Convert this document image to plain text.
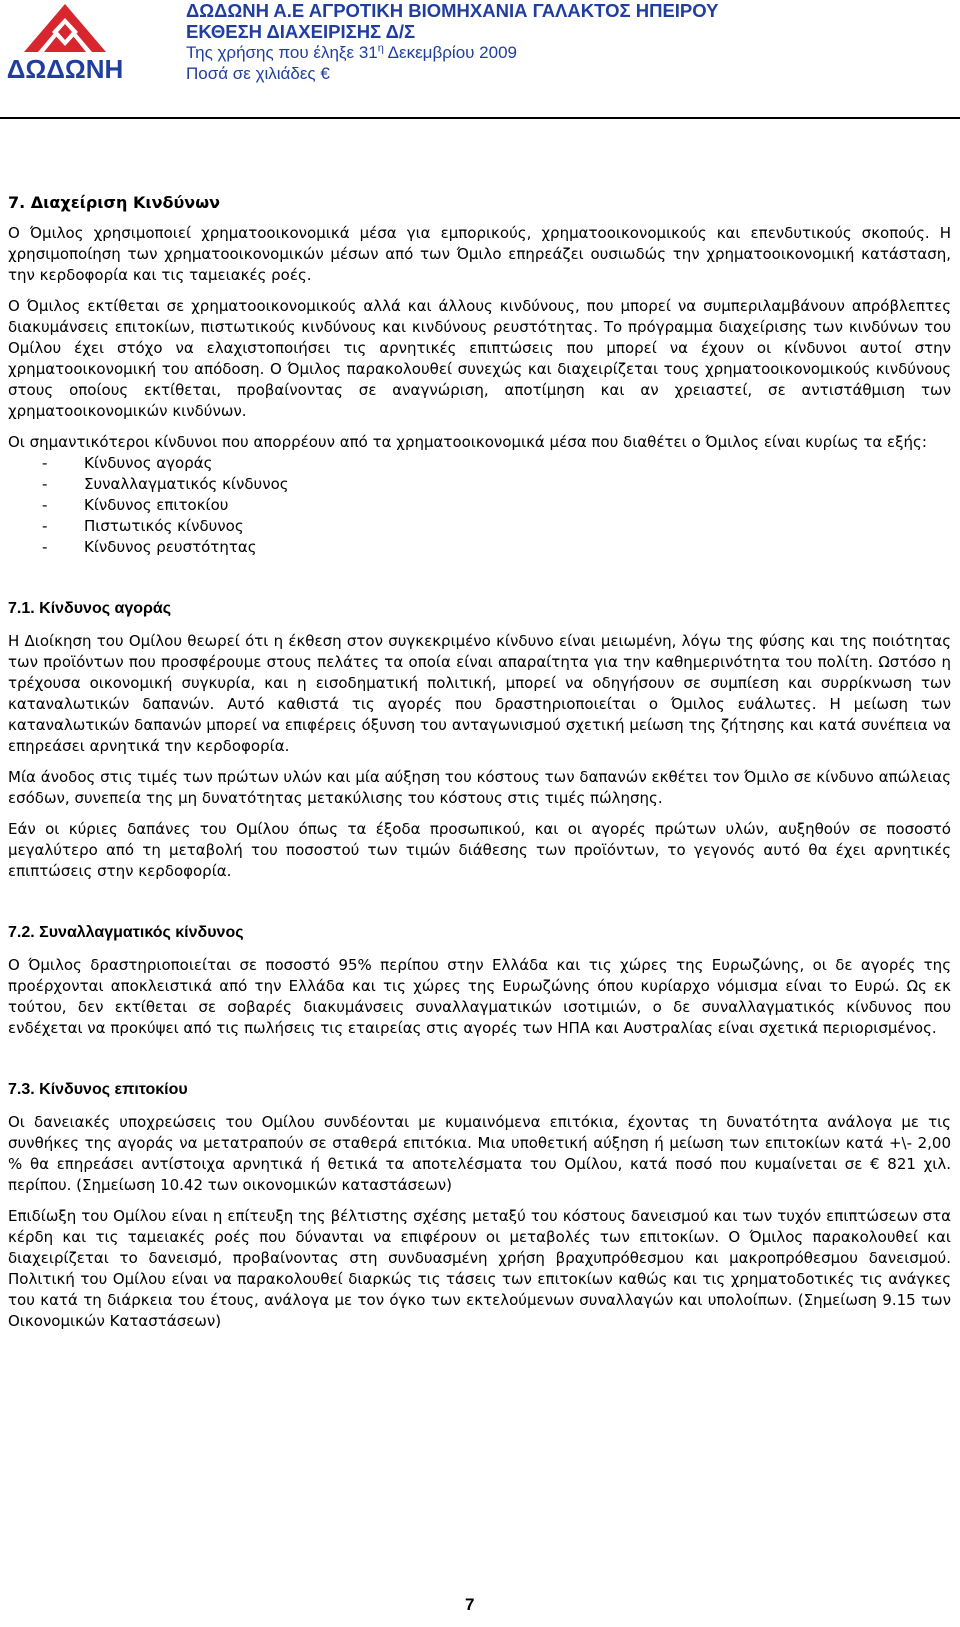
ΔΩΔΩΝΗ
ΔΩΔΩΝΗ Α.Ε ΑΓΡΟΤΙΚΗ ΒΙΟΜΗΧΑΝΙΑ ΓΑΛΑΚΤΟΣ ΗΠΕΙΡΟΥ
ΕΚΘΕΣΗ ΔΙΑΧΕΙΡΙΣΗΣ Δ/Σ
Της χρήσης που έληξε $31^\eta$ Δεκεμβρίου 2009
Ποσά σε χιλιάδες €
7. Διαχείριση Κινδύνων

Ο Όμιλος χρησιμοποιεί χρηματοοικονομικά μέσα για εμπορικούς, χρηματοοικονομικούς και επενδυτικούς σκοπούς. Η χρησιμοποίηση των χρηματοοικονομικών μέσων από των Όμιλο επηρεάζει ουσιωδώς την χρηματοοικονομική κατάσταση, την κερδοφορία και τις ταμειακές ροές.

Ο Όμιλος εκτίθεται σε χρηματοοικονομικούς αλλά και άλλους κινδύνους, που μπορεί να συμπεριλαμβάνουν απρόβλεπτες διακυμάνσεις επιτοκίων, πιστωτικούς κινδύνους και κινδύνους ρευστότητας. Το πρόγραμμα διαχείρισης των κινδύνων του Ομίλου έχει στόχο να ελαχιστοποιήσει τις αρνητικές επιπτώσεις που μπορεί να έχουν οι κίνδυνοι αυτοί στην χρηματοοικονομική του απόδοση. Ο Όμιλος παρακολουθεί συνεχώς και διαχειρίζεται τους χρηματοοικονομικούς κινδύνους στους οποίους εκτίθεται, προβαίνοντας σε αναγνώριση, αποτίμηση και αν χρειαστεί, σε αντιστάθμιση των χρηματοοικονομικών κινδύνων.

Οι σημαντικότεροι κίνδυνοι που απορρέουν από τα χρηματοοικονομικά μέσα που διαθέτει ο Όμιλος είναι κυρίως τα εξής:

- Κίνδυνος αγοράς
- Συναλλαγματικός κίνδυνος
- Κίνδυνος επιτοκίου
- Πιστωτικός κίνδυνος
- Κίνδυνος ρευστότητας
7.1. Κίνδυνος αγοράς

Η Διοίκηση του Ομίλου θεωρεί ότι η έκθεση στον συγκεκριμένο κίνδυνο είναι μειωμένη, λόγω της φύσης και της ποιότητας των προϊόντων που προσφέρουμε στους πελάτες τα οποία είναι απαραίτητα για την καθημερινότητα του πολίτη. Ωστόσο η τρέχουσα οικονομική συγκυρία, και η εισοδηματική πολιτική, μπορεί να οδηγήσουν σε συμπίεση και συρρίκνωση των καταναλωτικών δαπανών. Αυτό καθιστά τις αγορές που δραστηριοποιείται ο Όμιλος ευάλωτες. Η μείωση των καταναλωτικών δαπανών μπορεί να επιφέρεις όξυνση του ανταγωνισμού σχετική μείωση της ζήτησης και κατά συνέπεια να επηρεάσει αρνητικά την κερδοφορία.

Μία άνοδος στις τιμές των πρώτων υλών και μία αύξηση του κόστους των δαπανών εκθέτει τον Όμιλο σε κίνδυνο απώλειας εσόδων, συνεπεία της μη δυνατότητας μετακύλισης του κόστους στις τιμές πώλησης.

Εάν οι κύριες δαπάνες του Ομίλου όπως τα έξοδα προσωπικού, και οι αγορές πρώτων υλών, αυξηθούν σε ποσοστό μεγαλύτερο από τη μεταβολή του ποσοστού των τιμών διάθεσης των προϊόντων, το γεγονός αυτό θα έχει αρνητικές επιπτώσεις στην κερδοφορία.

7.2. Συναλλαγματικός κίνδυνος

Ο Όμιλος δραστηριοποιείται σε ποσοστό 95% περίπου στην Ελλάδα και τις χώρες της Ευρωζώνης, οι δε αγορές της προέρχονται αποκλειστικά από την Ελλάδα και τις χώρες της Ευρωζώνης όπου κυρίαρχο νόμισμα είναι το Ευρώ. Ως εκ τούτου, δεν εκτίθεται σε σοβαρές διακυμάνσεις συναλλαγματικών ισοτιμιών, ο δε συναλλαγματικός κίνδυνος που ενδέχεται να προκύψει από τις πωλήσεις τις εταιρείας στις αγορές των ΗΠΑ και Αυστραλίας είναι σχετικά περιορισμένος.

7.3. Κίνδυνος επιτοκίου

Οι δανειακές υποχρεώσεις του Ομίλου συνδέονται με κυμαινόμενα επιτόκια, έχοντας τη δυνατότητα ανάλογα με τις συνθήκες της αγοράς να μετατραπούν σε σταθερά επιτόκια. Μια υποθετική αύξηση ή μείωση των επιτοκίων κατά +\- 2,00 % θα επηρεάσει αντίστοιχα αρνητικά ή θετικά τα αποτελέσματα του Ομίλου, κατά ποσό που κυμαίνεται σε € 821 χιλ. περίπου. (Σημείωση 10.42 των οικονομικών καταστάσεων)

Επιδίωξη του Ομίλου είναι η επίτευξη της βέλτιστης σχέσης μεταξύ του κόστους δανεισμού και των τυχόν επιπτώσεων στα κέρδη και τις ταμειακές ροές που δύνανται να επιφέρουν οι μεταβολές των επιτοκίων. Ο Όμιλος παρακολουθεί και διαχειρίζεται το δανεισμό, προβαίνοντας στη συνδυασμένη χρήση βραχυπρόθεσμου και μακροπρόθεσμου δανεισμού. Πολιτική του Ομίλου είναι να παρακολουθεί διαρκώς τις τάσεις των επιτοκίων καθώς και τις χρηματοδοτικές τις ανάγκες του κατά τη διάρκεια του έτους, ανάλογα με τον όγκο των εκτελούμενων συναλλαγών και υπολοίπων. (Σημείωση 9.15 των Οικονομικών Καταστάσεων)

7
